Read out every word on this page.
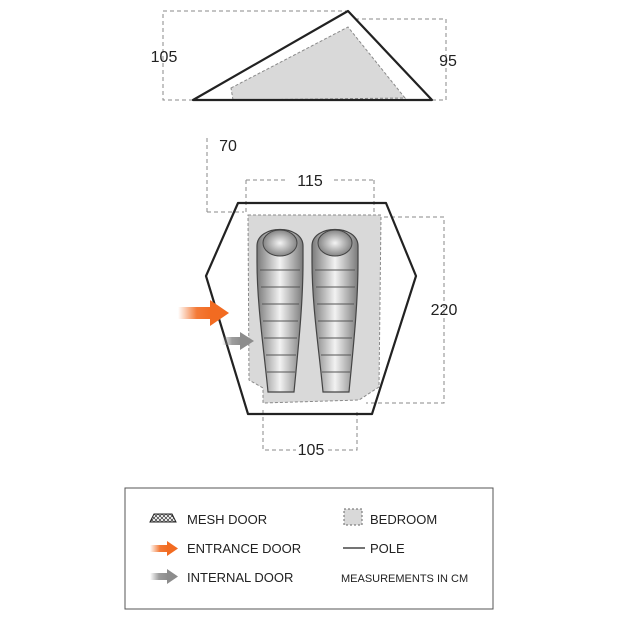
105	95
70
115
220
105
MESH DOOR
ENTRANCE DOOR
INTERNAL DOOR
BEDROOM
POLE
MEASUREMENTS IN CM
